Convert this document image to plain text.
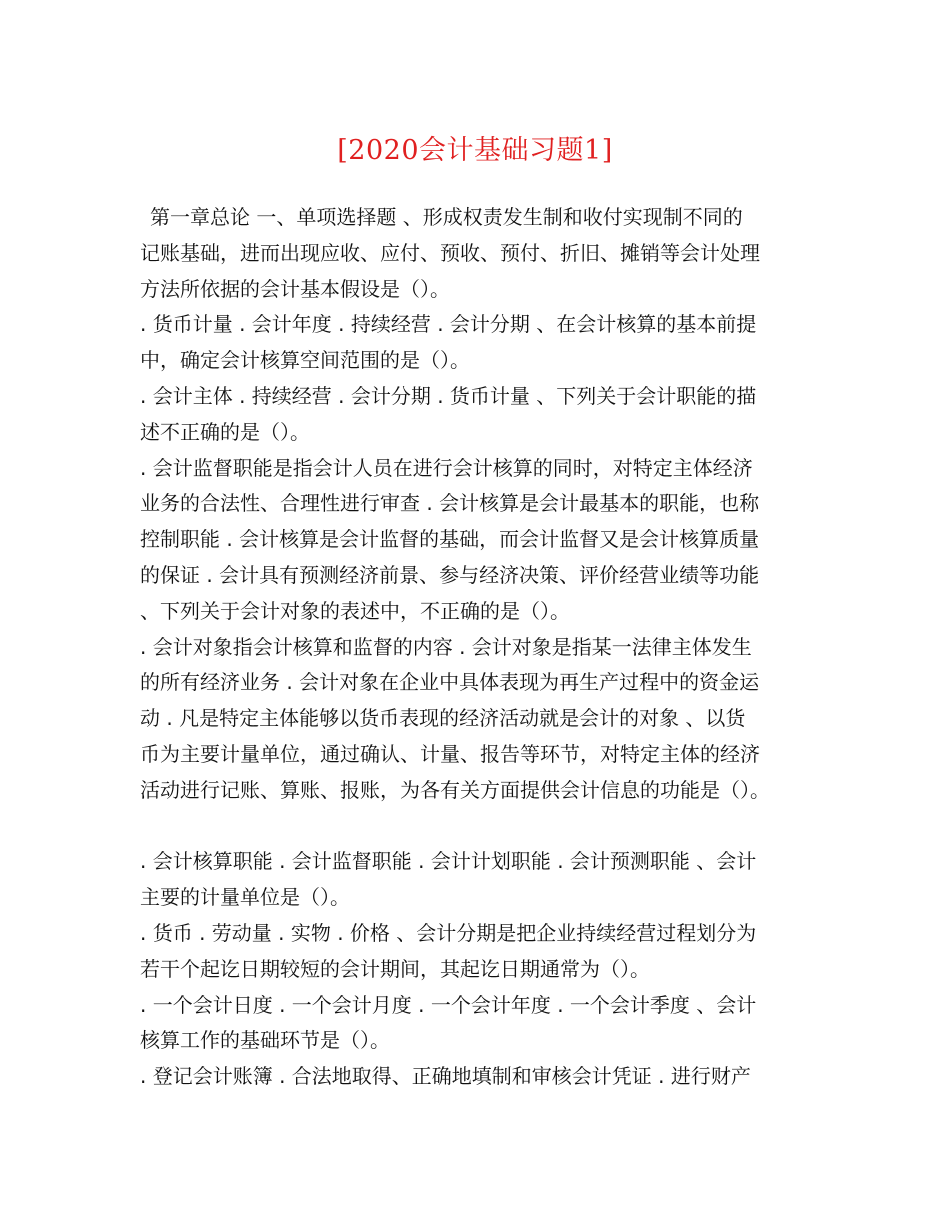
[2020会计基础习题1]
第一章总论 一、单项选择题 、形成权责发生制和收付实现制不同的
记账基础，进而出现应收、应付、预收、预付、折旧、摊销等会计处理
方法所依据的会计基本假设是（）。
. 货币计量 . 会计年度 . 持续经营 . 会计分期 、在会计核算的基本前提
中，确定会计核算空间范围的是（）。
. 会计主体 . 持续经营 . 会计分期 . 货币计量 、下列关于会计职能的描
述不正确的是（）。
. 会计监督职能是指会计人员在进行会计核算的同时，对特定主体经济
业务的合法性、合理性进行审查 . 会计核算是会计最基本的职能，也称
控制职能 . 会计核算是会计监督的基础，而会计监督又是会计核算质量
的保证 . 会计具有预测经济前景、参与经济决策、评价经营业绩等功能
、下列关于会计对象的表述中，不正确的是（）。
. 会计对象指会计核算和监督的内容 . 会计对象是指某一法律主体发生
的所有经济业务 . 会计对象在企业中具体表现为再生产过程中的资金运
动 . 凡是特定主体能够以货币表现的经济活动就是会计的对象 、以货
币为主要计量单位，通过确认、计量、报告等环节，对特定主体的经济
活动进行记账、算账、报账，为各有关方面提供会计信息的功能是（）。
. 会计核算职能 . 会计监督职能 . 会计计划职能 . 会计预测职能 、会计
主要的计量单位是（）。
. 货币 . 劳动量 . 实物 . 价格 、会计分期是把企业持续经营过程划分为
若干个起讫日期较短的会计期间，其起讫日期通常为（）。
. 一个会计日度 . 一个会计月度 . 一个会计年度 . 一个会计季度 、会计
核算工作的基础环节是（）。
. 登记会计账簿 . 合法地取得、正确地填制和审核会计凭证 . 进行财产
